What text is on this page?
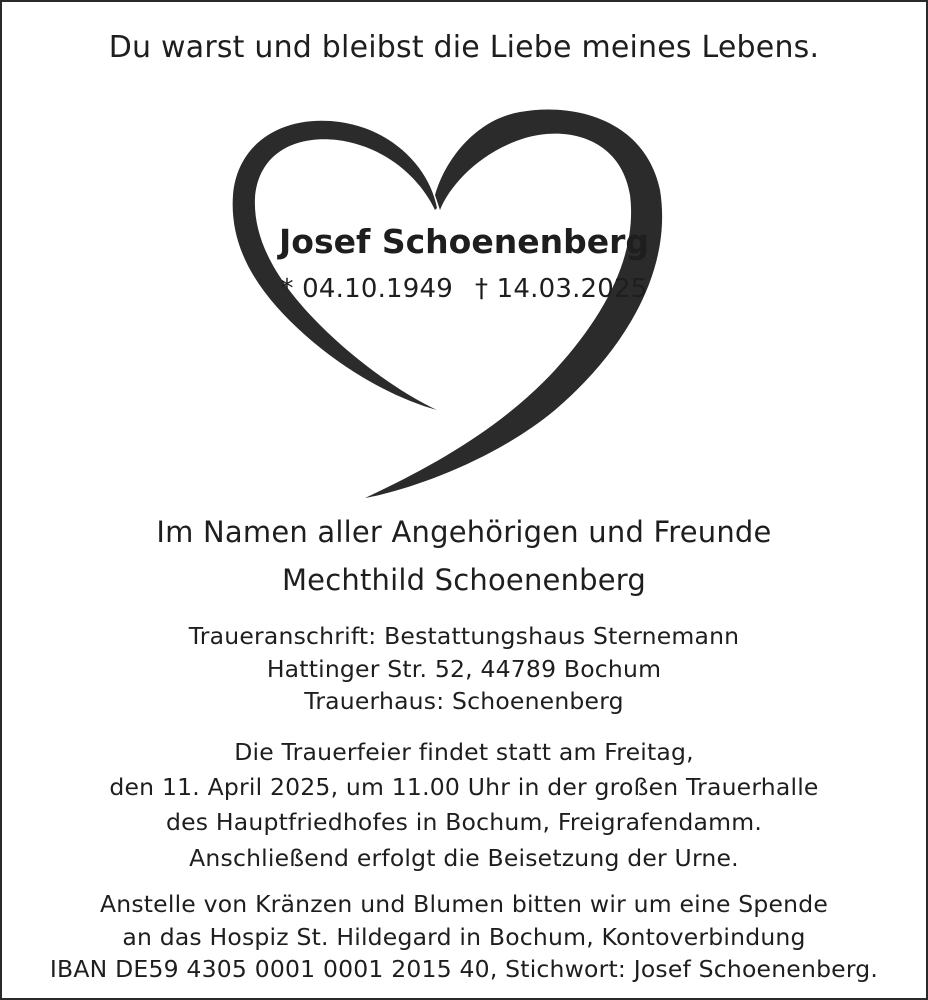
Du warst und bleibst die Liebe meines Lebens.
Josef Schoenenberg
* 04.10.1949 † 14.03.2025
Im Namen aller Angehörigen und Freunde
Mechthild Schoenenberg
Traueranschrift: Bestattungshaus Sternemann
Hattinger Str. 52, 44789 Bochum
Trauerhaus: Schoenenberg
Die Trauerfeier findet statt am Freitag,
den 11. April 2025, um 11.00 Uhr in der großen Trauerhalle
des Hauptfriedhofes in Bochum, Freigrafendamm.
Anschließend erfolgt die Beisetzung der Urne.
Anstelle von Kränzen und Blumen bitten wir um eine Spende
an das Hospiz St. Hildegard in Bochum, Kontoverbindung
IBAN DE59 4305 0001 0001 2015 40, Stichwort: Josef Schoenenberg.
